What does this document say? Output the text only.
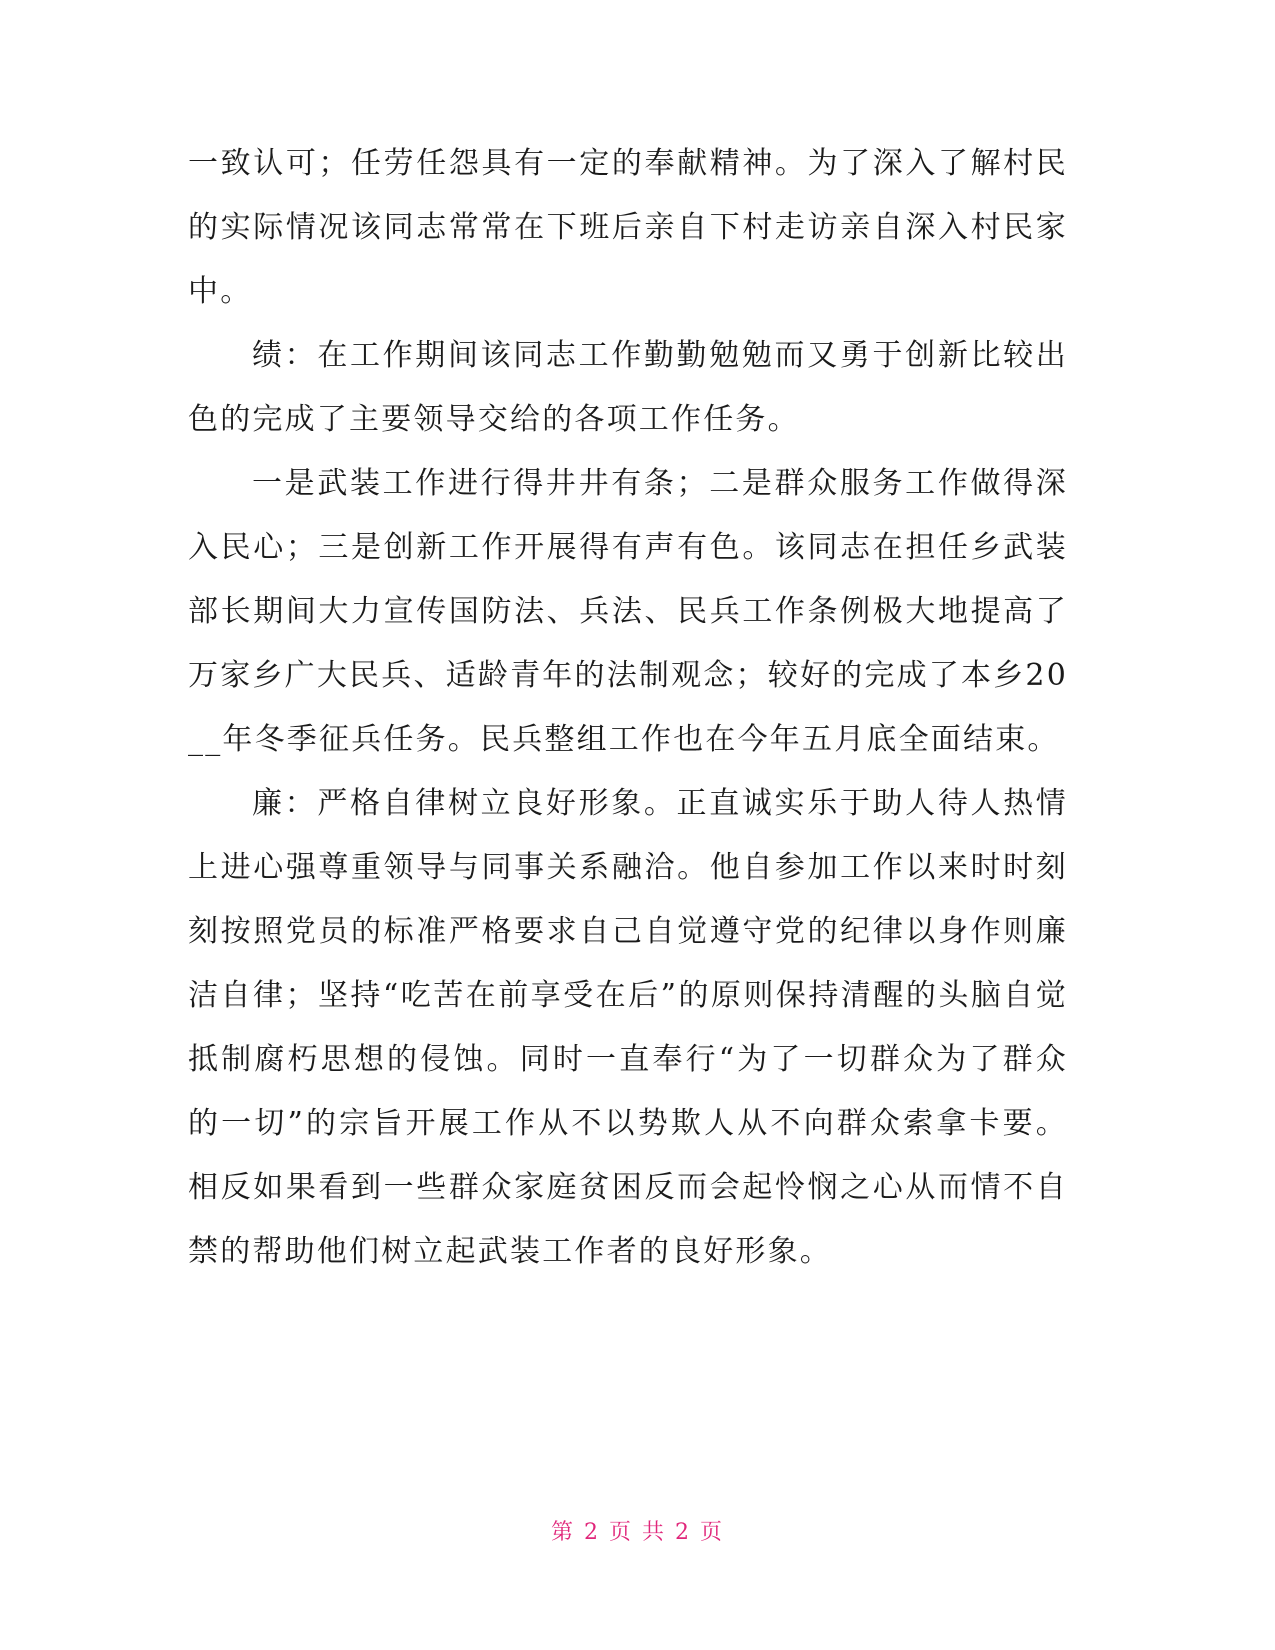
一致认可；任劳任怨具有一定的奉献精神。为了深入了解村民的实际情况该同志常常在下班后亲自下村走访亲自深入村民家中。

绩：在工作期间该同志工作勤勤勉勉而又勇于创新比较出色的完成了主要领导交给的各项工作任务。

一是武装工作进行得井井有条；二是群众服务工作做得深入民心；三是创新工作开展得有声有色。该同志在担任乡武装部长期间大力宣传国防法、兵法、民兵工作条例极大地提高了万家乡广大民兵、适龄青年的法制观念；较好的完成了本乡20__年冬季征兵任务。民兵整组工作也在今年五月底全面结束。

廉：严格自律树立良好形象。正直诚实乐于助人待人热情上进心强尊重领导与同事关系融洽。他自参加工作以来时时刻刻按照党员的标准严格要求自己自觉遵守党的纪律以身作则廉洁自律；坚持“吃苦在前享受在后”的原则保持清醒的头脑自觉抵制腐朽思想的侵蚀。同时一直奉行“为了一切群众为了群众的一切”的宗旨开展工作从不以势欺人从不向群众索拿卡要。相反如果看到一些群众家庭贫困反而会起怜悯之心从而情不自禁的帮助他们树立起武装工作者的良好形象。

第 2 页 共 2 页
